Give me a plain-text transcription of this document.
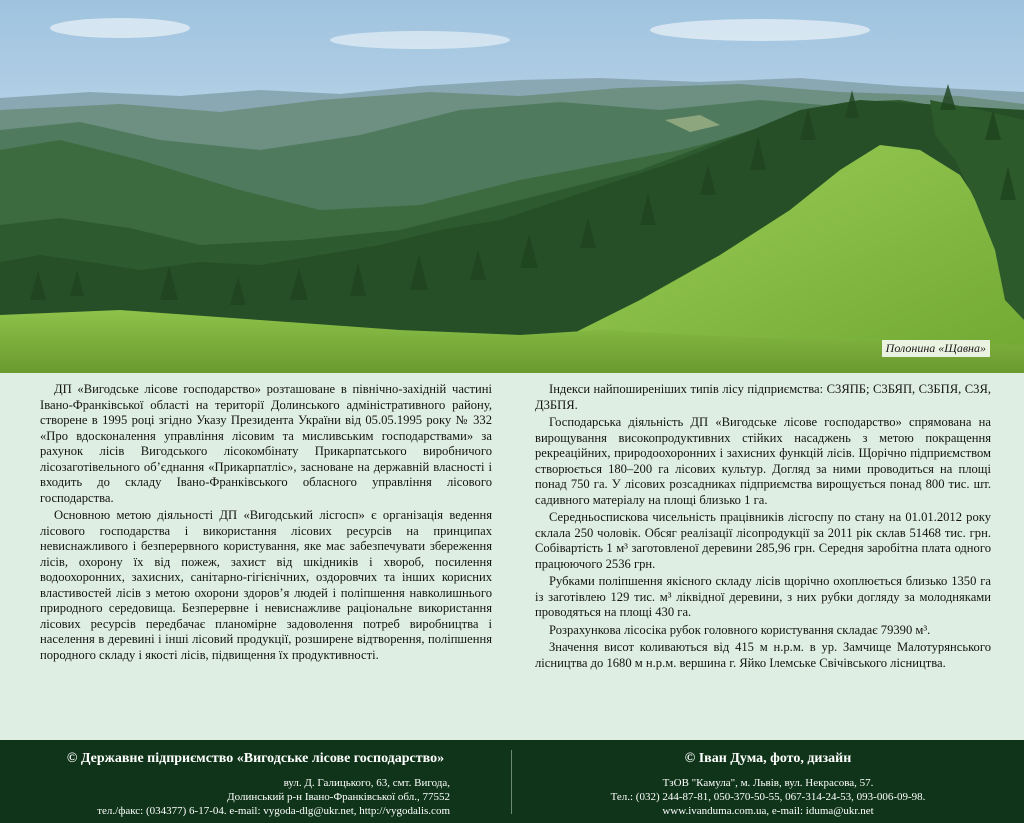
Полонина «Щавна»

ДП «Вигодське лісове господарство» розташоване в північно-західній частині Івано-Франківської області на території Долинського адміністративного району, створене в 1995 році згідно Указу Президента України від 05.05.1995 року № 332 «Про вдосконалення управління лісовим та мисливським господарствами» за рахунок лісів Вигодського лісокомбінату Прикарпатського виробничого лісозаготівельного об’єднання «Прикарпатліс», засноване на державній власності і входить до складу Івано-Франківського обласного управління лісового господарства.

Основною метою діяльності ДП «Вигодський лісгосп» є організація ведення лісового господарства і використання лісових ресурсів на принципах невиснажливого і безперервного користування, яке має забезпечувати збереження лісів, охорону їх від пожеж, захист від шкідників і хвороб, посилення водоохоронних, захисних, санітарно-гігієнічних, оздоровчих та інших корисних властивостей лісів з метою охорони здоров’я людей і поліпшення навколишнього природного середовища. Безперервне і невиснажливе раціональне використання лісових ресурсів передбачає планомірне задоволення потреб виробництва і населення в деревині і інші лісовий продукції, розширене відтворення, поліпшення породного складу і якості лісів, підвищення їх продуктивності.

Індекси найпоширеніших типів лісу підприємства: С3ЯПБ; С3БЯП, С3БПЯ, С3Я, Д3БПЯ.

Господарська діяльність ДП «Вигодське лісове господарство» спрямована на вирощування високопродуктивних стійких насаджень з метою покращення рекреаційних, природоохоронних і захисних функцій лісів. Щорічно підприємством створюється 180–200 га лісових культур. Догляд за ними проводиться на площі понад 750 га. У лісових розсадниках підприємства вирощується понад 800 тис. шт. садивного матеріалу на площі близько 1 га.

Середньоспискова чисельність працівників лісгоспу по стану на 01.01.2012 року склала 250 чоловік. Обсяг реалізації лісопродукції за 2011 рік склав 51468 тис. грн. Собівартість 1 м³ заготовленої деревини 285,96 грн. Середня заробітна плата одного працюючого 2536 грн.

Рубками поліпшення якісного складу лісів щорічно охоплюється близько 1350 га із заготівлею 129 тис. м³ ліквідної деревини, з них рубки догляду за молодняками проводяться на площі 430 га.

Розрахункова лісосіка рубок головного користування складає 79390 м³.

Значення висот коливаються від 415 м н.р.м. в ур. Замчище Малотурянського лісництва до 1680 м н.р.м. вершина г. Яйко Ілемське Свічівського лісництва.

© Державне підприємство «Вигодське лісове господарство»
вул. Д. Галицького, 63, смт. Вигода,
Долинський р-н Івано-Франківської обл., 77552
тел./факс: (034377) 6-17-04. e-mail: vygoda-dlg@ukr.net, http://vygodalis.com
© Іван Дума, фото, дизайн
ТзОВ "Камула", м. Львів, вул. Некрасова, 57.
Тел.: (032) 244-87-81, 050-370-50-55, 067-314-24-53, 093-006-09-98.
www.ivanduma.com.ua, e-mail: iduma@ukr.net
